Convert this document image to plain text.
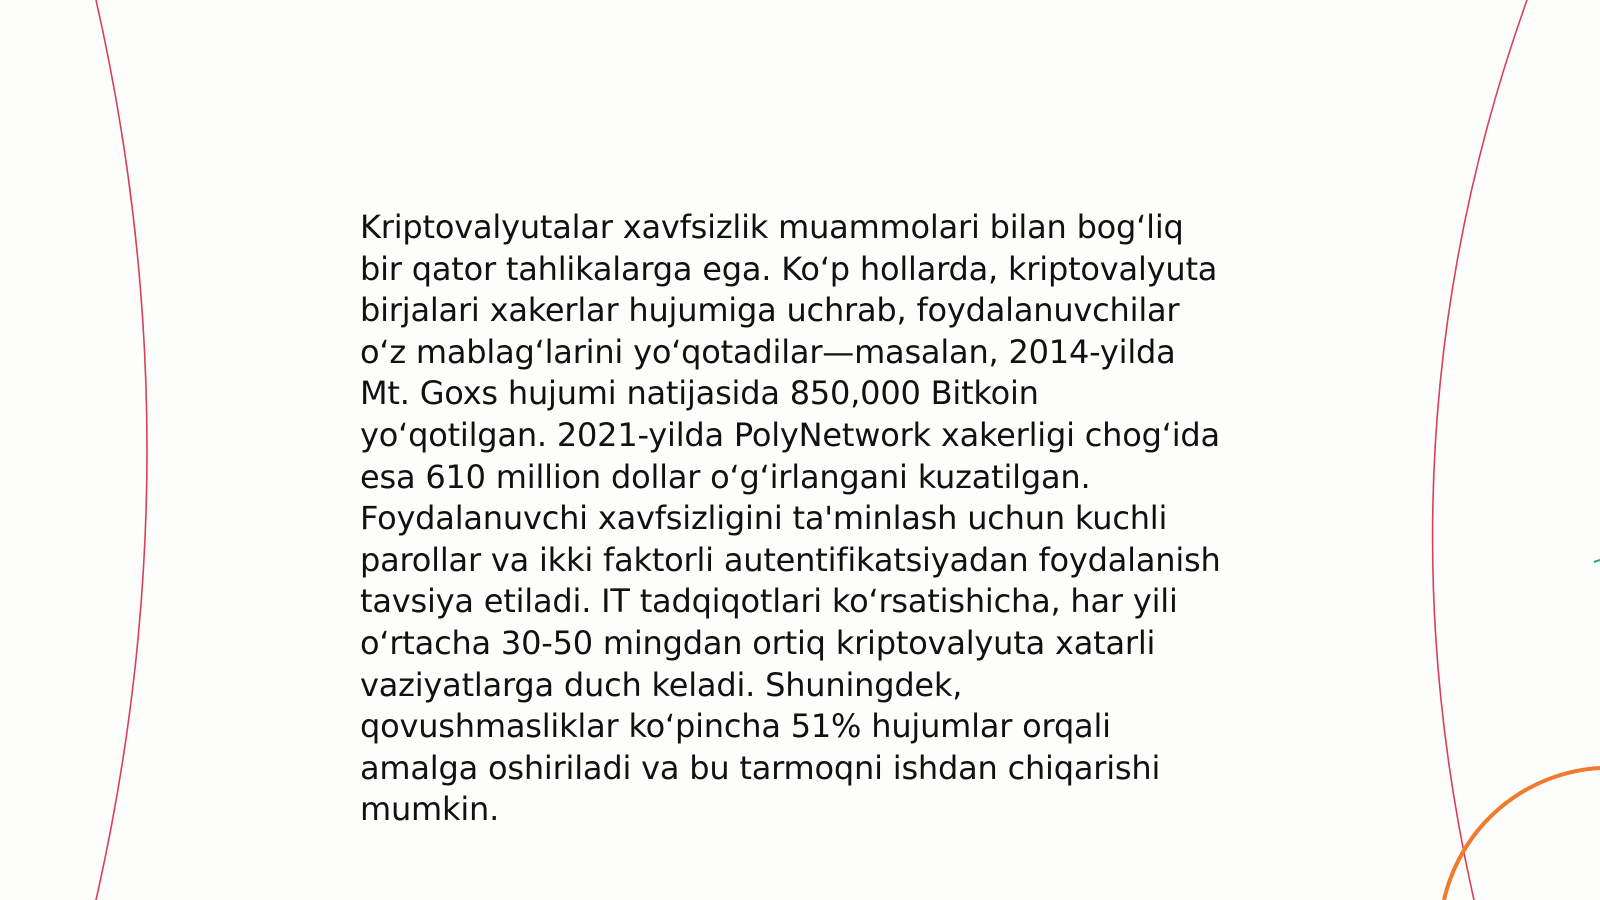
Kriptovalyutalar xavfsizlik muammolari bilan bog‘liq
bir qator tahlikalarga ega. Ko‘p hollarda, kriptovalyuta
birjalari xakerlar hujumiga uchrab, foydalanuvchilar
o‘z mablag‘larini yo‘qotadilar—masalan, 2014-yilda
Mt. Goxs hujumi natijasida 850,000 Bitkoin
yo‘qotilgan. 2021-yilda PolyNetwork xakerligi chog‘ida
esa 610 million dollar o‘g‘irlangani kuzatilgan.
Foydalanuvchi xavfsizligini ta'minlash uchun kuchli
parollar va ikki faktorli autentifikatsiyadan foydalanish
tavsiya etiladi. IT tadqiqotlari ko‘rsatishicha, har yili
o‘rtacha 30-50 mingdan ortiq kriptovalyuta xatarli
vaziyatlarga duch keladi. Shuningdek,
qovushmasliklar ko‘pincha 51% hujumlar orqali
amalga oshiriladi va bu tarmoqni ishdan chiqarishi
mumkin.
